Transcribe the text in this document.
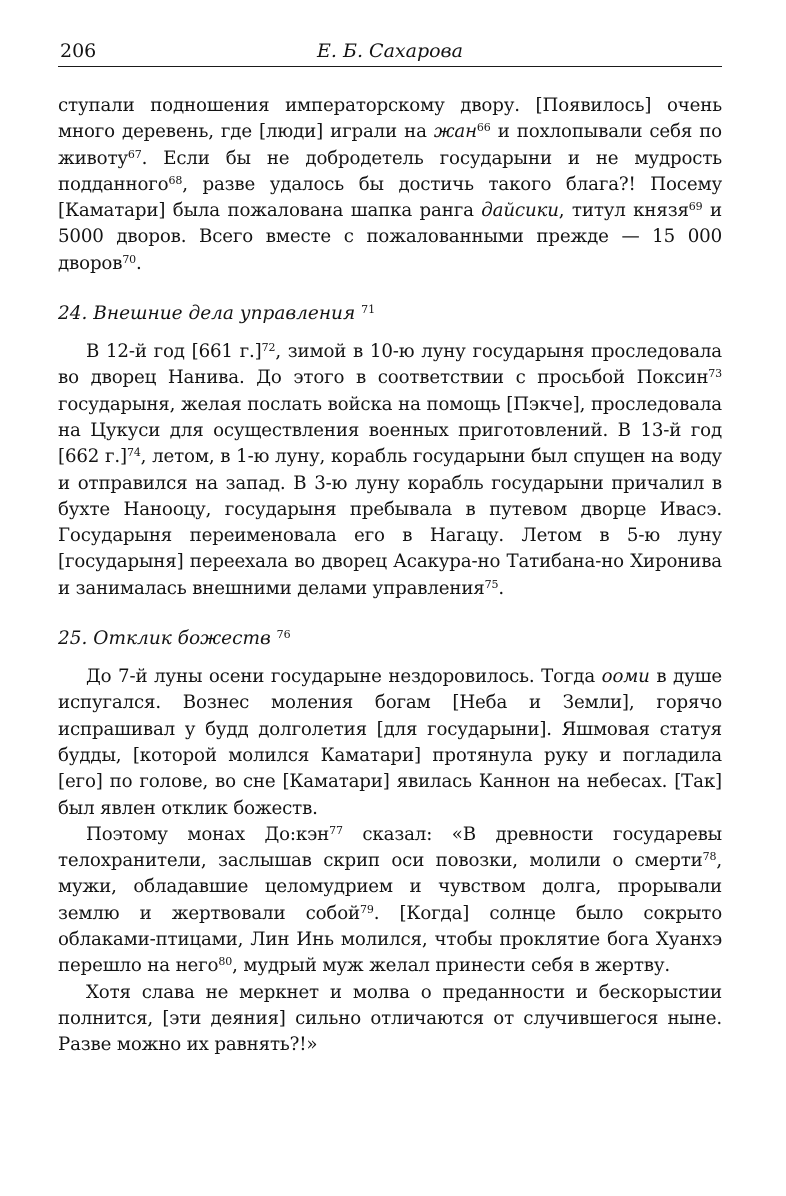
206	Е. Б. Сахарова

ступали подношения императорскому двору. [Появилось] очень много деревень, где [люди] играли на жан$^{66}$ и похлопывали себя по животу$^{67}$. Если бы не добродетель государыни и не мудрость подданного$^{68}$, разве удалось бы достичь такого блага?! Посему [Каматари] была пожалована шапка ранга дайсики, титул князя$^{69}$ и 5000 дворов. Всего вместе с пожалованными прежде — 15 000 дворов$^{70}$.

24. Внешние дела управления $^{71}$

В 12-й год [661 г.]$^{72}$, зимой в 10-ю луну государыня проследовала во дворец Нанива. До этого в соответствии с просьбой Поксин$^{73}$ государыня, желая послать войска на помощь [Пэкче], проследовала на Цукуси для осуществления военных приготовлений. В 13-й год [662 г.]$^{74}$, летом, в 1-ю луну, корабль государыни был спущен на воду и отправился на запад. В 3-ю луну корабль государыни причалил в бухте Нанооцу, государыня пребывала в путевом дворце Ивасэ. Государыня переименовала его в Нагацу. Летом в 5-ю луну [государыня] переехала во дворец Асакура-но Татибана-но Хиронива и занималась внешними делами управления$^{75}$.

25. Отклик божеств $^{76}$

До 7-й луны осени государыне нездоровилось. Тогда ооми в душе испугался. Вознес моления богам [Неба и Земли], горячо испрашивал у будд долголетия [для государыни]. Яшмовая статуя будды, [которой молился Каматари] протянула руку и погладила [его] по голове, во сне [Каматари] явилась Каннон на небесах. [Так] был явлен отклик божеств.

Поэтому монах До:кэн$^{77}$ сказал: «В древности государевы телохранители, заслышав скрип оси повозки, молили о смерти$^{78}$, мужи, обладавшие целомудрием и чувством долга, прорывали землю и жертвовали собой$^{79}$. [Когда] солнце было сокрыто облаками-птицами, Лин Инь молился, чтобы проклятие бога Хуанхэ перешло на него$^{80}$, мудрый муж желал принести себя в жертву.

Хотя слава не меркнет и молва о преданности и бескорыстии полнится, [эти деяния] сильно отличаются от случившегося ныне. Разве можно их равнять?!»
